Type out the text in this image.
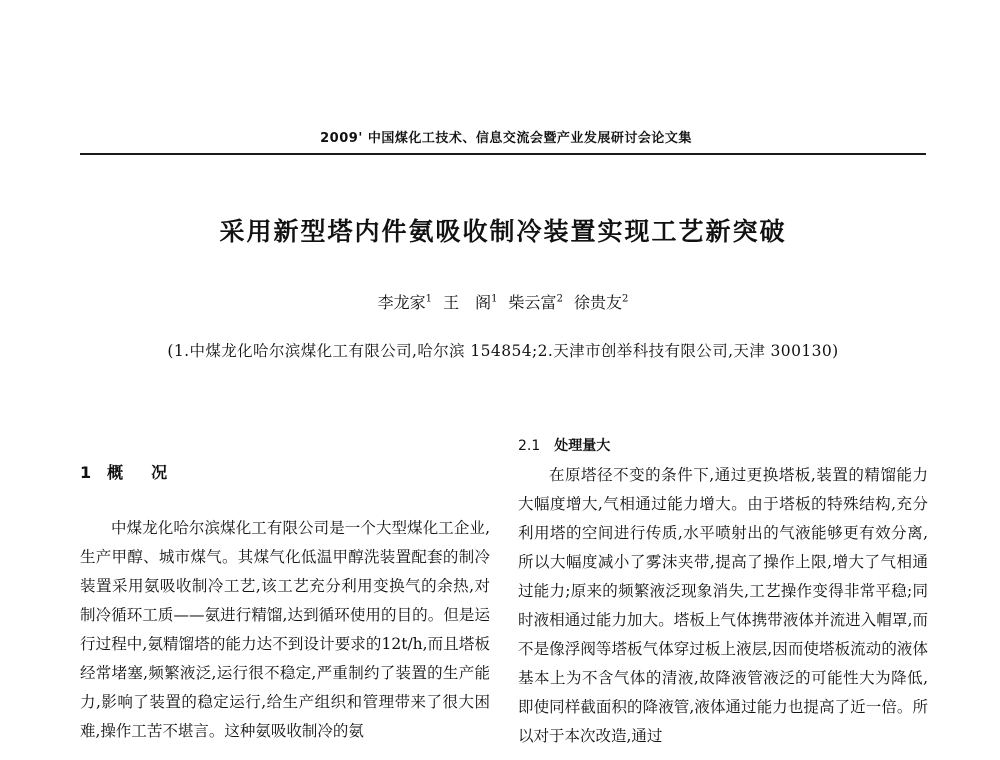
2009' 中国煤化工技术、信息交流会暨产业发展研讨会论文集
采用新型塔内件氨吸收制冷装置实现工艺新突破
李龙家$^1$ 王　阁$^1$ 柴云富$^2$ 徐贵友$^2$
(1.中煤龙化哈尔滨煤化工有限公司,哈尔滨 154854;2.天津市创举科技有限公司,天津 300130)
1 概　况

中煤龙化哈尔滨煤化工有限公司是一个大型煤化工企业,生产甲醇、城市煤气。其煤气化低温甲醇洗装置配套的制冷装置采用氨吸收制冷工艺,该工艺充分利用变换气的余热,对制冷循环工质——氨进行精馏,达到循环使用的目的。但是运行过程中,氨精馏塔的能力达不到设计要求的12t/h,而且塔板经常堵塞,频繁液泛,运行很不稳定,严重制约了装置的生产能力,影响了装置的稳定运行,给生产组织和管理带来了很大困难,操作工苦不堪言。这种氨吸收制冷的氨

2.1 处理量大

在原塔径不变的条件下,通过更换塔板,装置的精馏能力大幅度增大,气相通过能力增大。由于塔板的特殊结构,充分利用塔的空间进行传质,水平喷射出的气液能够更有效分离,所以大幅度减小了雾沫夹带,提高了操作上限,增大了气相通过能力;原来的频繁液泛现象消失,工艺操作变得非常平稳;同时液相通过能力加大。塔板上气体携带液体并流进入帽罩,而不是像浮阀等塔板气体穿过板上液层,因而使塔板流动的液体基本上为不含气体的清液,故降液管液泛的可能性大为降低,即使同样截面积的降液管,液体通过能力也提高了近一倍。所以对于本次改造,通过
